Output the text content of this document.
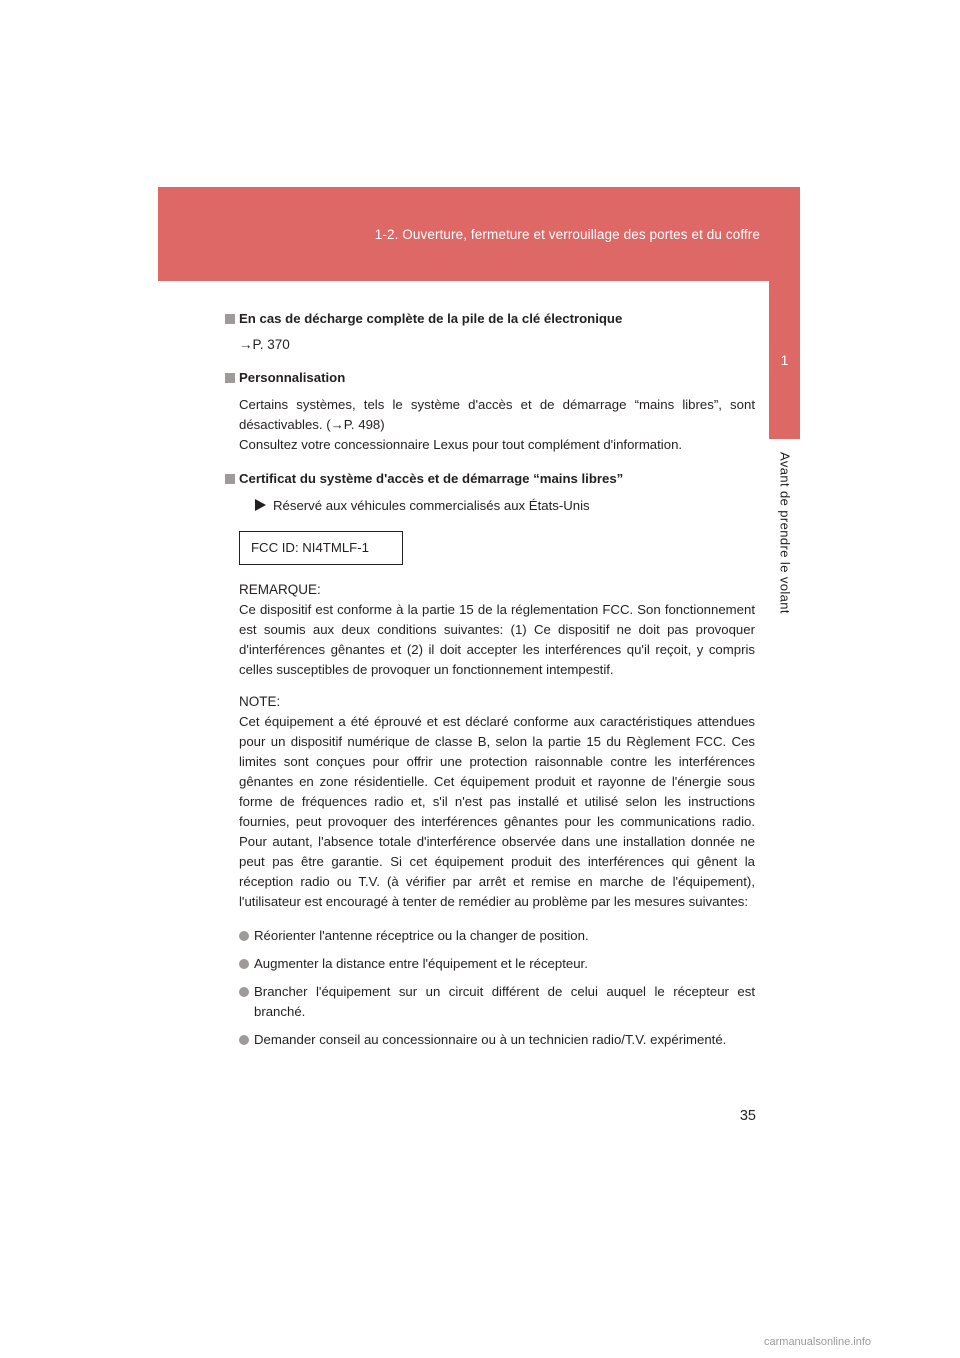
1-2. Ouverture, fermeture et verrouillage des portes et du coffre
1
Avant de prendre le volant
En cas de décharge complète de la pile de la clé électronique
→P. 370
Personnalisation

Certains systèmes, tels le système d'accès et de démarrage “mains libres”, sont désactivables. (→P. 498)

Consultez votre concessionnaire Lexus pour tout complément d'information.

Certificat du système d'accès et de démarrage “mains libres”
Réservé aux véhicules commercialisés aux États-Unis
FCC ID: NI4TMLF-1
REMARQUE:

Ce dispositif est conforme à la partie 15 de la réglementation FCC. Son fonctionnement est soumis aux deux conditions suivantes: (1) Ce dispositif ne doit pas provoquer d'interférences gênantes et (2) il doit accepter les interférences qu'il reçoit, y compris celles susceptibles de provoquer un fonctionnement intempestif.

NOTE:

Cet équipement a été éprouvé et est déclaré conforme aux caractéristiques attendues pour un dispositif numérique de classe B, selon la partie 15 du Règlement FCC. Ces limites sont conçues pour offrir une protection raisonnable contre les interférences gênantes en zone résidentielle. Cet équipement produit et rayonne de l'énergie sous forme de fréquences radio et, s'il n'est pas installé et utilisé selon les instructions fournies, peut provoquer des interférences gênantes pour les communications radio. Pour autant, l'absence totale d'interférence observée dans une installation donnée ne peut pas être garantie. Si cet équipement produit des interférences qui gênent la réception radio ou T.V. (à vérifier par arrêt et remise en marche de l'équipement), l'utilisateur est encouragé à tenter de remédier au problème par les mesures suivantes:

Réorienter l'antenne réceptrice ou la changer de position.
Augmenter la distance entre l'équipement et le récepteur.
Brancher l'équipement sur un circuit différent de celui auquel le récepteur est branché.
Demander conseil au concessionnaire ou à un technicien radio/T.V. expérimenté.
35
carmanualsonline.info
